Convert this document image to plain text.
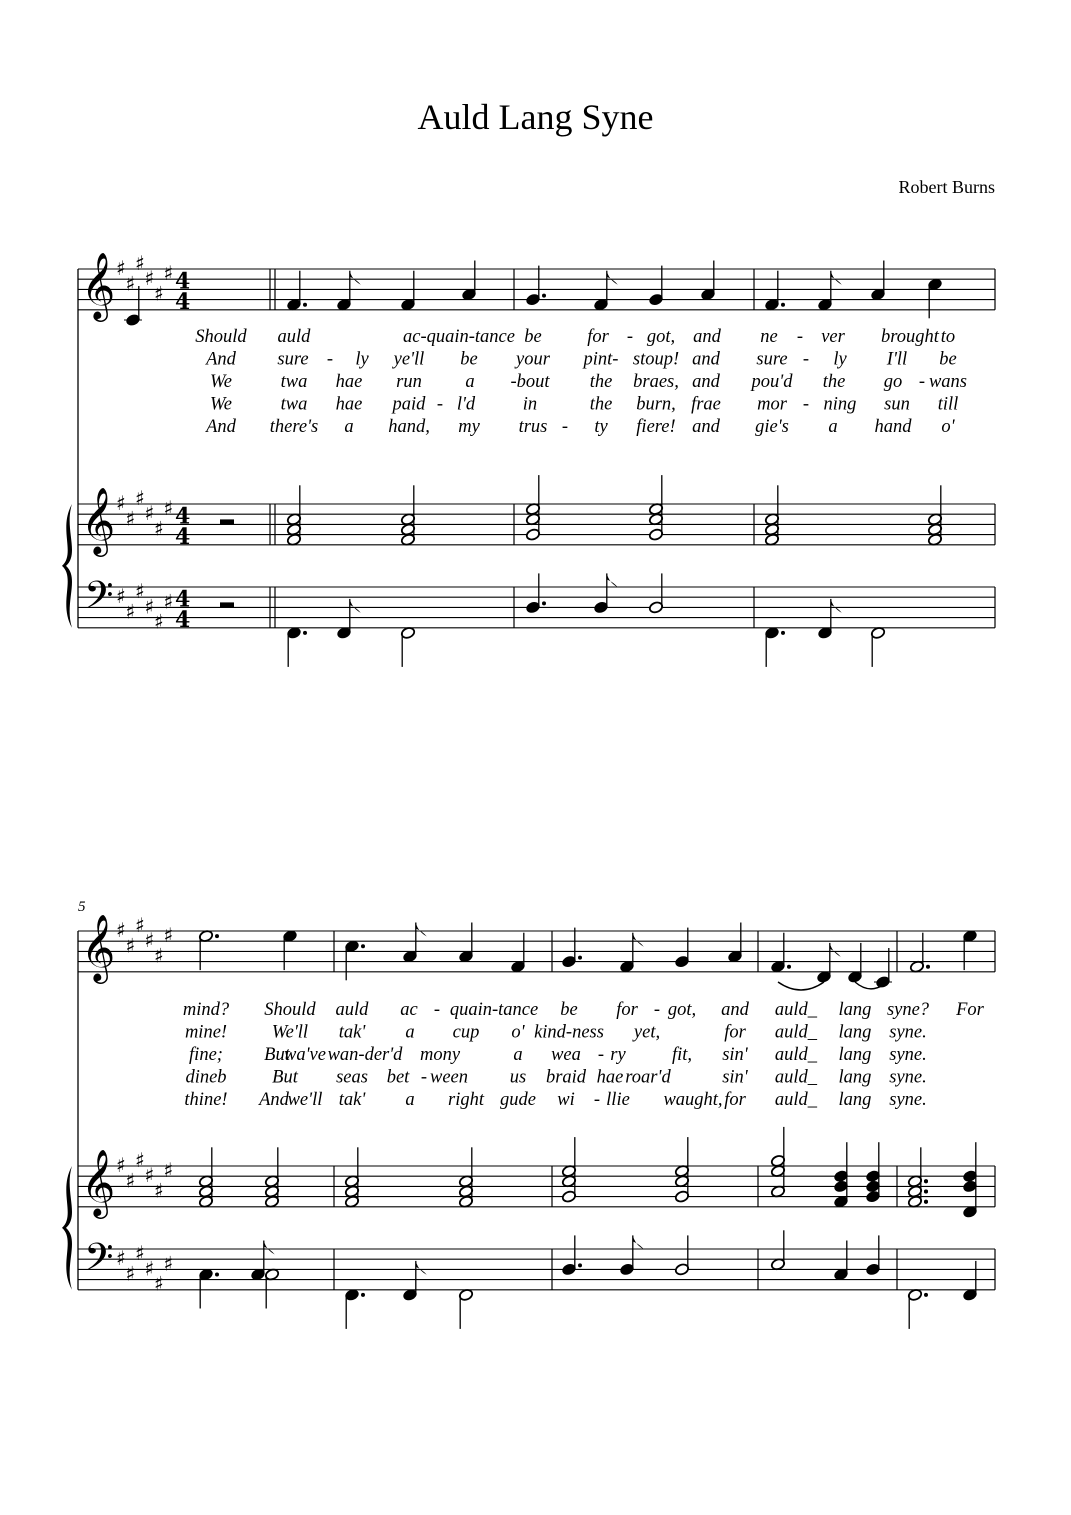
Auld Lang Syne
Robert Burns
𝄞 ♯
♯
♯
♯
♯
♯ 4
4
𝄞 ♯
♯
♯
♯
♯
♯ 4
4
𝄢 ♯
♯
♯
♯
♯
♯ 4
4
Should auld	ac-quain-tance be for - got, and ne - ver brought to
And sure - ly ye'll be your pint- stoup! and sure - ly I'll be
We	twa hae run a -bout the braes, and pou'd the go - wans
We	twa hae paid - l'd	in	the burn, frae mor - ning sun till
And there's a hand, my trus - ty fiere! and gie's a hand o'
5
𝄞 ♯
♯
♯
♯
♯
♯
𝄞 ♯
♯
♯
♯
♯
♯
𝄢 ♯
♯
♯
♯
♯
♯
mind? Should auld ac - quain-tance be for - got, and auld_ lang syne? For
mine! We'll tak' a cup o' kind-ness yet,	for auld_ lang syne.
fine; But
wa've wan-der'd mony	a wea - ry	fit, sin' auld_ lang syne.
dineb But seas bet - ween us braid hae roar'd	sin' auld_ lang syne.
thine! And
we'll tak' a right gude wi - llie waught, for auld_ lang syne.
